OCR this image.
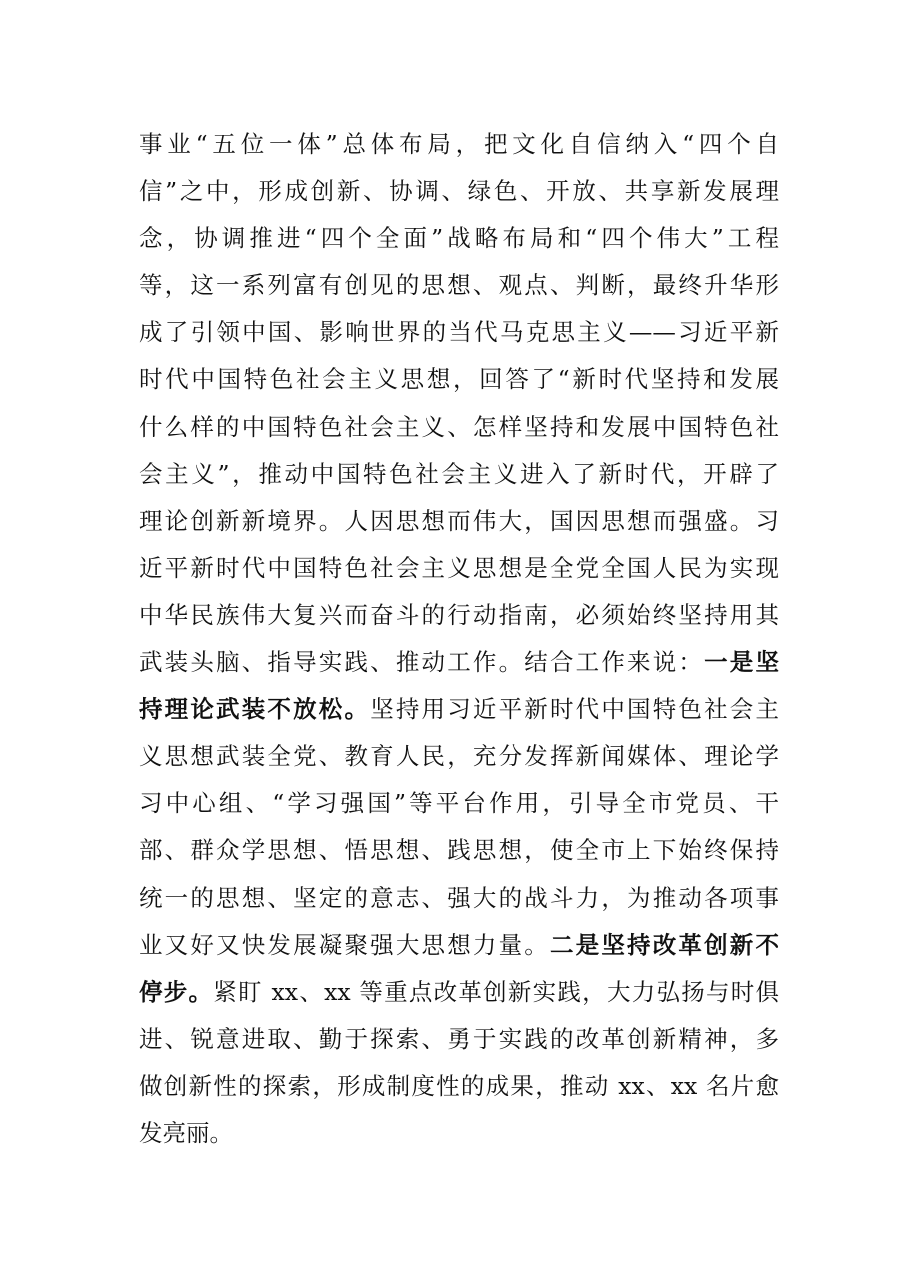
事业“五位一体”总体布局，把文化自信纳入“四个自
信”之中，形成创新、协调、绿色、开放、共享新发展理
念，协调推进“四个全面”战略布局和“四个伟大”工程
等，这一系列富有创见的思想、观点、判断，最终升华形
成了引领中国、影响世界的当代马克思主义——习近平新
时代中国特色社会主义思想，回答了“新时代坚持和发展
什么样的中国特色社会主义、怎样坚持和发展中国特色社
会主义”，推动中国特色社会主义进入了新时代，开辟了
理论创新新境界。人因思想而伟大，国因思想而强盛。习
近平新时代中国特色社会主义思想是全党全国人民为实现
中华民族伟大复兴而奋斗的行动指南，必须始终坚持用其
武装头脑、指导实践、推动工作。结合工作来说：一是坚
持理论武装不放松。坚持用习近平新时代中国特色社会主
义思想武装全党、教育人民，充分发挥新闻媒体、理论学
习中心组、“学习强国”等平台作用，引导全市党员、干
部、群众学思想、悟思想、践思想，使全市上下始终保持
统一的思想、坚定的意志、强大的战斗力，为推动各项事
业又好又快发展凝聚强大思想力量。二是坚持改革创新不
停步。紧盯 xx、xx 等重点改革创新实践，大力弘扬与时俱
进、锐意进取、勤于探索、勇于实践的改革创新精神，多
做创新性的探索，形成制度性的成果，推动 xx、xx 名片愈
发亮丽。
